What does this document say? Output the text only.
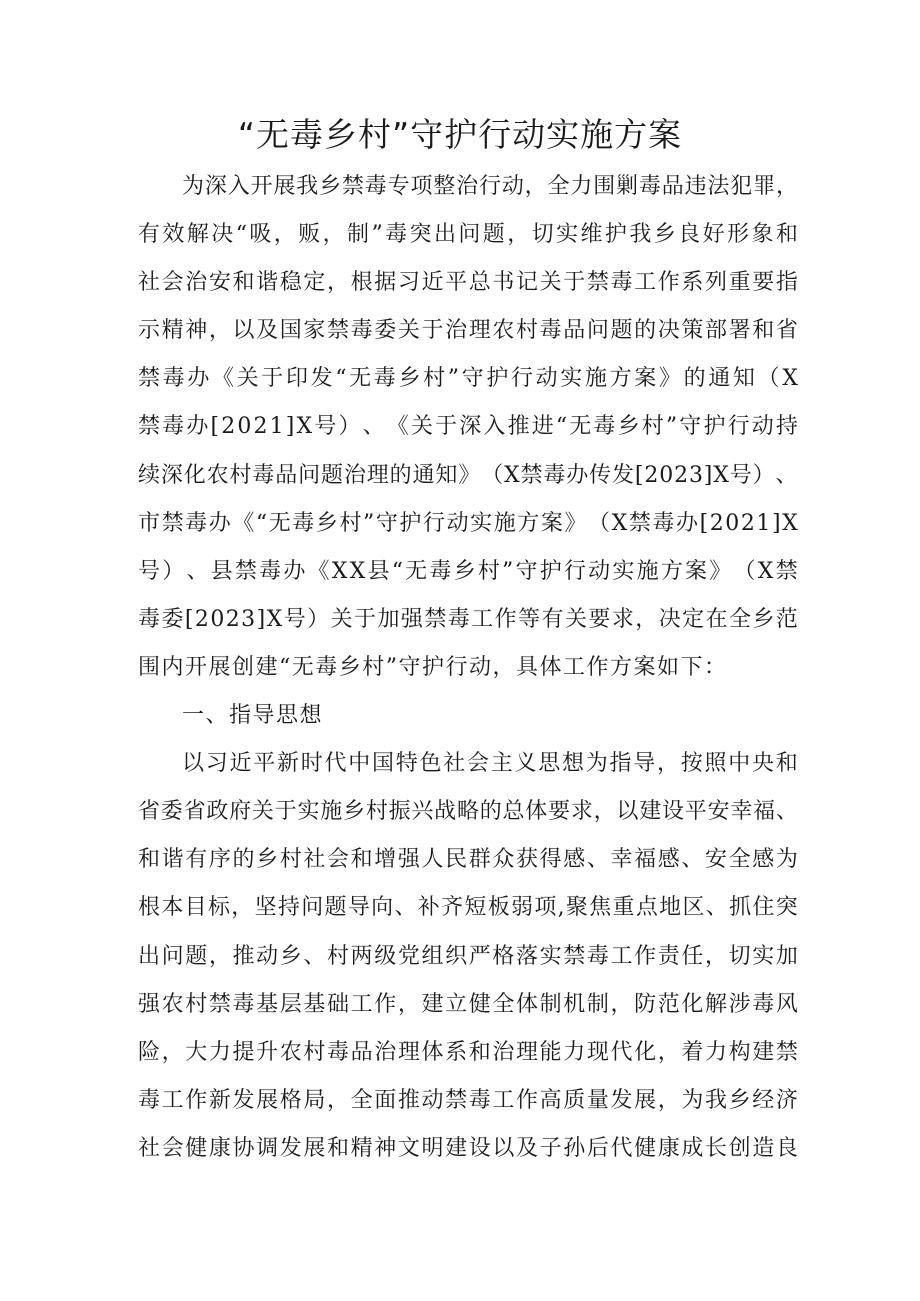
“无毒乡村”守护行动实施方案
为 深 入 开 展 我 乡 禁 毒 专 项 整 治 行 动 ， 全 力 围 剿 毒 品 违 法 犯 罪 ，
有 效 解 决 “ 吸 ， 贩 ， 制 ” 毒 突 出 问 题 ， 切 实 维 护 我 乡 良 好 形 象 和
社 会 治 安 和 谐 稳 定 ， 根 据 习 近 平 总 书 记 关 于 禁 毒 工 作 系 列 重 要 指
示 精 神 ， 以 及 国 家 禁 毒 委 关 于 治 理 农 村 毒 品 问 题 的 决 策 部 署 和 省
禁 毒 办 《 关 于 印 发 “ 无 毒 乡 村 ” 守 护 行 动 实 施 方 案 》 的 通 知 （ X
禁 毒 办 [ 2 0 2 1 ] X 号 ） 、 《 关 于 深 入 推 进 “ 无 毒 乡 村 ” 守 护 行 动 持
续 深 化 农 村 毒 品 问 题 治 理 的 通 知 》 （ X 禁 毒 办 传 发 [ 2 0 2 3 ] X 号 ） 、
市 禁 毒 办 《 “ 无 毒 乡 村 ” 守 护 行 动 实 施 方 案 》 （ X 禁 毒 办 [ 2 0 2 1 ] X
号 ） 、 县 禁 毒 办 《 X X 县 “ 无 毒 乡 村 ” 守 护 行 动 实 施 方 案 》 （ X 禁
毒 委 [ 2 0 2 3 ] X 号 ） 关 于 加 强 禁 毒 工 作 等 有 关 要 求 ， 决 定 在 全 乡 范
围内开展创建“无毒乡村”守护行动，具体工作方案如下：
一、指导思想
以 习 近 平 新 时 代 中 国 特 色 社 会 主 义 思 想 为 指 导 ， 按 照 中 央 和
省 委 省 政 府 关 于 实 施 乡 村 振 兴 战 略 的 总 体 要 求 ， 以 建 设 平 安 幸 福 、
和 谐 有 序 的 乡 村 社 会 和 增 强 人 民 群 众 获 得 感 、 幸 福 感 、 安 全 感 为
根 本 目 标 ， 坚 持 问 题 导 向 、 补 齐 短 板 弱 项 , 聚 焦 重 点 地 区 、 抓 住 突
出 问 题 ， 推 动 乡 、 村 两 级 党 组 织 严 格 落 实 禁 毒 工 作 责 任 ， 切 实 加
强 农 村 禁 毒 基 层 基 础 工 作 ， 建 立 健 全 体 制 机 制 ， 防 范 化 解 涉 毒 风
险 ， 大 力 提 升 农 村 毒 品 治 理 体 系 和 治 理 能 力 现 代 化 ， 着 力 构 建 禁
毒 工 作 新 发 展 格 局 ， 全 面 推 动 禁 毒 工 作 高 质 量 发 展 ， 为 我 乡 经 济
社 会 健 康 协 调 发 展 和 精 神 文 明 建 设 以 及 子 孙 后 代 健 康 成 长 创 造 良
